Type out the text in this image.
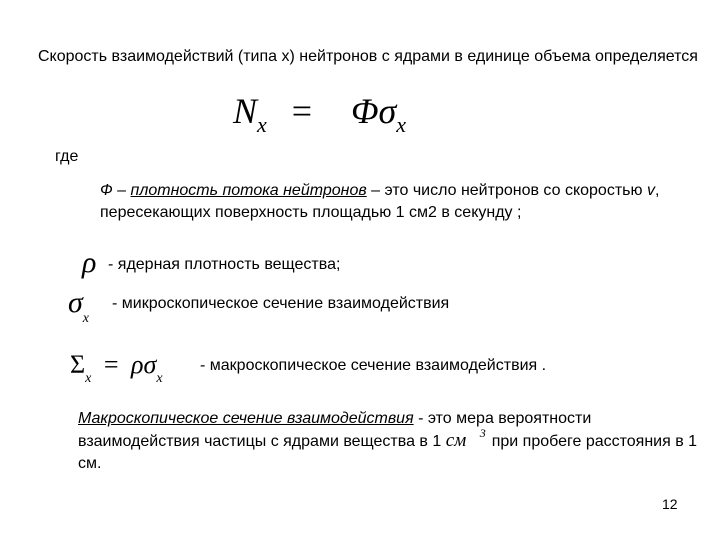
Скорость взаимодействий (типа х) нейтронов с ядрами в единице объема определяется
$N_x = \Phi\sigma_x$
где
Ф – плотность потока нейтронов – это число нейтронов со скоростью v, пересекающих поверхность площадью 1 см2 в секунду ;
ρ - ядерная плотность вещества;
$\sigma_x$
- микроскопическое сечение взаимодействия
$\Sigma_x = \rho\sigma_x$
- макроскопическое сечение взаимодействия .
Макроскопическое сечение взаимодействия - это мера вероятности взаимодействия частицы с ядрами вещества в 1 см 3 при пробеге расстояния в 1 см.
12
